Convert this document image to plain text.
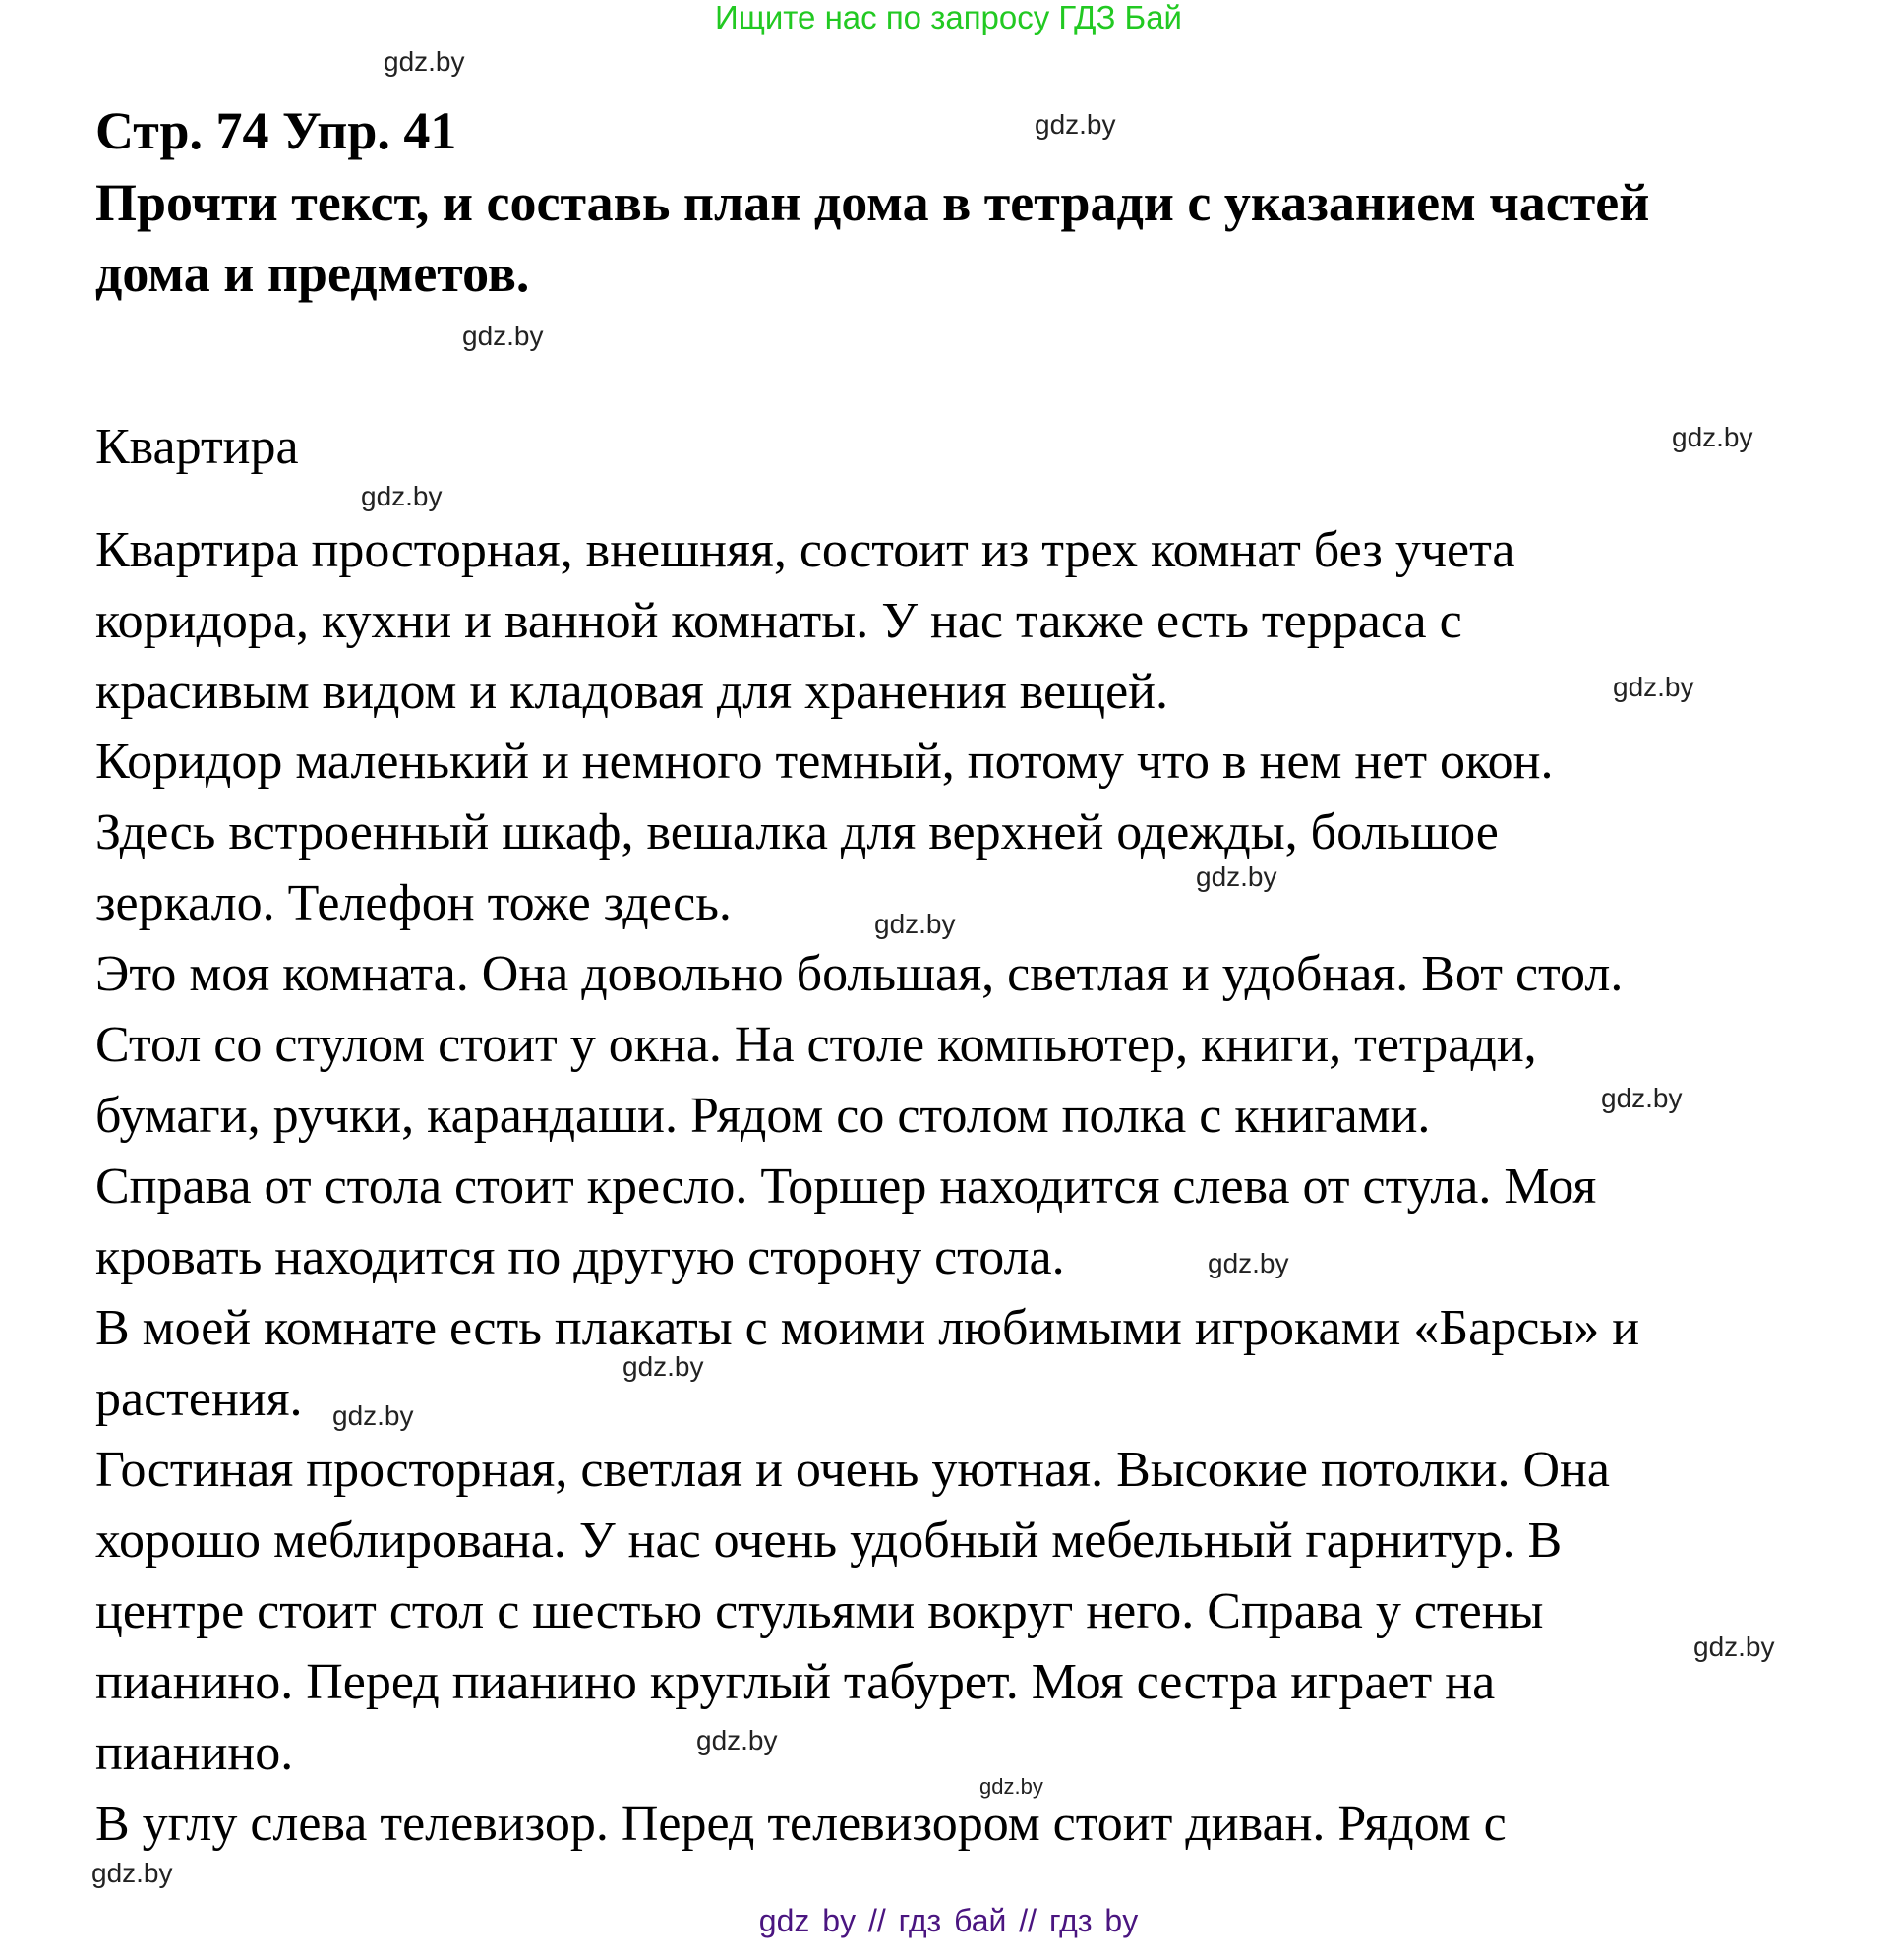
Ищите нас по запросу ГДЗ Бай
gdz.by
Стр. 74 Упр. 41	gdz.by
Прочти текст, и составь план дома в тетради с указанием частей
дома и предметов.
gdz.by
Квартира	gdz.by
gdz.by
Квартира просторная, внешняя, состоит из трех комнат без учета
коридора, кухни и ванной комнаты. У нас также есть терраса с
красивым видом и кладовая для хранения вещей.	gdz.by
Коридор маленький и немного темный, потому что в нем нет окон.
Здесь встроенный шкаф, вешалка для верхней одежды, большое
gdz.by
зеркало. Телефон тоже здесь.	gdz.by
Это моя комната. Она довольно большая, светлая и удобная. Вот стол.
Стол со стулом стоит у окна. На столе компьютер, книги, тетради,
бумаги, ручки, карандаши. Рядом со столом полка с книгами.	gdz.by
Справа от стола стоит кресло. Торшер находится слева от стула. Моя
кровать находится по другую сторону стола.	gdz.by
В моей комнате есть плакаты с моими любимыми игроками «Барсы» и
gdz.by
растения. gdz.by
Гостиная просторная, светлая и очень уютная. Высокие потолки. Она
хорошо меблирована. У нас очень удобный мебельный гарнитур. В
центре стоит стол с шестью стульями вокруг него. Справа у стены
gdz.by
пианино. Перед пианино круглый табурет. Моя сестра играет на
gdz.by
пианино.
gdz.by
В углу слева телевизор. Перед телевизором стоит диван. Рядом с
gdz.by
gdz by // гдз бай // гдз by
